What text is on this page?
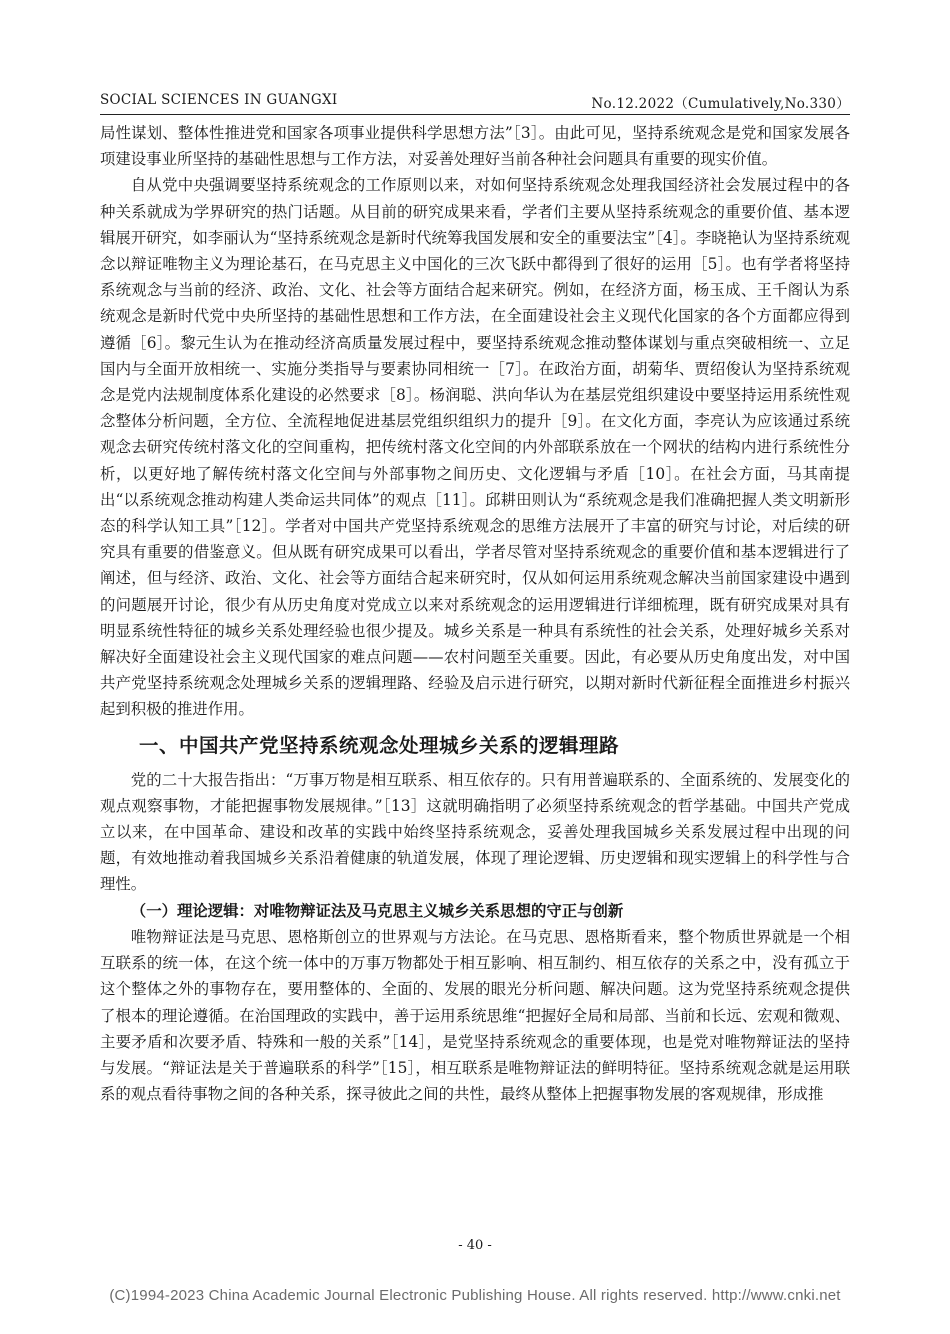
SOCIAL SCIENCES IN GUANGXI	No.12.2022（Cumulatively,No.330）

局性谋划、整体性推进党和国家各项事业提供科学思想方法”［3］。由此可见，坚持系统观念是党和国家发展各项建设事业所坚持的基础性思想与工作方法，对妥善处理好当前各种社会问题具有重要的现实价值。

自从党中央强调要坚持系统观念的工作原则以来，对如何坚持系统观念处理我国经济社会发展过程中的各种关系就成为学界研究的热门话题。从目前的研究成果来看，学者们主要从坚持系统观念的重要价值、基本逻辑展开研究，如李丽认为“坚持系统观念是新时代统筹我国发展和安全的重要法宝”［4］。李晓艳认为坚持系统观念以辩证唯物主义为理论基石，在马克思主义中国化的三次飞跃中都得到了很好的运用［5］。也有学者将坚持系统观念与当前的经济、政治、文化、社会等方面结合起来研究。例如，在经济方面，杨玉成、王千阁认为系统观念是新时代党中央所坚持的基础性思想和工作方法，在全面建设社会主义现代化国家的各个方面都应得到遵循［6］。黎元生认为在推动经济高质量发展过程中，要坚持系统观念推动整体谋划与重点突破相统一、立足国内与全面开放相统一、实施分类指导与要素协同相统一［7］。在政治方面，胡菊华、贾绍俊认为坚持系统观念是党内法规制度体系化建设的必然要求［8］。杨润聪、洪向华认为在基层党组织建设中要坚持运用系统性观念整体分析问题，全方位、全流程地促进基层党组织组织力的提升［9］。在文化方面，李亮认为应该通过系统观念去研究传统村落文化的空间重构，把传统村落文化空间的内外部联系放在一个网状的结构内进行系统性分析，以更好地了解传统村落文化空间与外部事物之间历史、文化逻辑与矛盾［10］。在社会方面，马其南提出“以系统观念推动构建人类命运共同体”的观点［11］。邱耕田则认为“系统观念是我们准确把握人类文明新形态的科学认知工具”［12］。学者对中国共产党坚持系统观念的思维方法展开了丰富的研究与讨论，对后续的研究具有重要的借鉴意义。但从既有研究成果可以看出，学者尽管对坚持系统观念的重要价值和基本逻辑进行了阐述，但与经济、政治、文化、社会等方面结合起来研究时，仅从如何运用系统观念解决当前国家建设中遇到的问题展开讨论，很少有从历史角度对党成立以来对系统观念的运用逻辑进行详细梳理，既有研究成果对具有明显系统性特征的城乡关系处理经验也很少提及。城乡关系是一种具有系统性的社会关系，处理好城乡关系对解决好全面建设社会主义现代国家的难点问题——农村问题至关重要。因此，有必要从历史角度出发，对中国共产党坚持系统观念处理城乡关系的逻辑理路、经验及启示进行研究，以期对新时代新征程全面推进乡村振兴起到积极的推进作用。

一、中国共产党坚持系统观念处理城乡关系的逻辑理路

党的二十大报告指出：“万事万物是相互联系、相互依存的。只有用普遍联系的、全面系统的、发展变化的观点观察事物，才能把握事物发展规律。”［13］这就明确指明了必须坚持系统观念的哲学基础。中国共产党成立以来，在中国革命、建设和改革的实践中始终坚持系统观念，妥善处理我国城乡关系发展过程中出现的问题，有效地推动着我国城乡关系沿着健康的轨道发展，体现了理论逻辑、历史逻辑和现实逻辑上的科学性与合理性。

（一）理论逻辑：对唯物辩证法及马克思主义城乡关系思想的守正与创新

唯物辩证法是马克思、恩格斯创立的世界观与方法论。在马克思、恩格斯看来，整个物质世界就是一个相互联系的统一体，在这个统一体中的万事万物都处于相互影响、相互制约、相互依存的关系之中，没有孤立于这个整体之外的事物存在，要用整体的、全面的、发展的眼光分析问题、解决问题。这为党坚持系统观念提供了根本的理论遵循。在治国理政的实践中，善于运用系统思维“把握好全局和局部、当前和长远、宏观和微观、主要矛盾和次要矛盾、特殊和一般的关系”［14］，是党坚持系统观念的重要体现，也是党对唯物辩证法的坚持与发展。“辩证法是关于普遍联系的科学”［15］，相互联系是唯物辩证法的鲜明特征。坚持系统观念就是运用联系的观点看待事物之间的各种关系，探寻彼此之间的共性，最终从整体上把握事物发展的客观规律，形成推

- 40 -
(C)1994-2023 China Academic Journal Electronic Publishing House. All rights reserved. http://www.cnki.net
